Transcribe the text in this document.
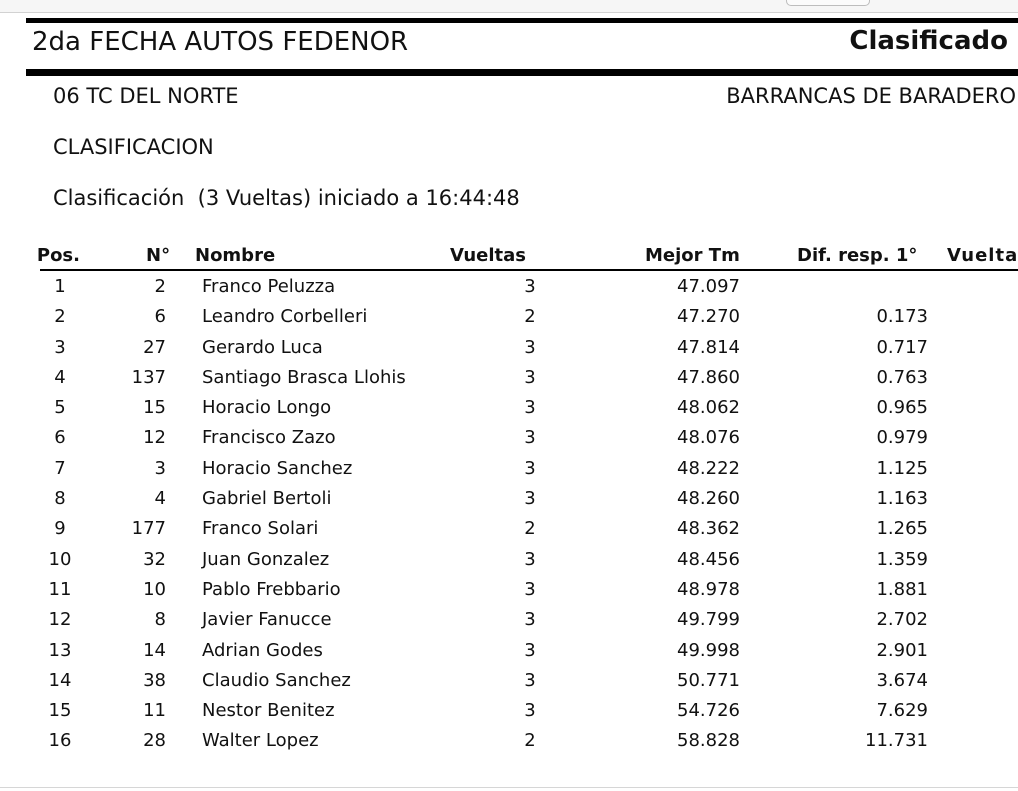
2da FECHA AUTOS FEDENOR	Clasificado
06 TC DEL NORTE	BARRANCAS DE BARADERO
CLASIFICACION
Clasificación  (3 Vueltas) iniciado a 16:44:48
Pos.	N° Nombre	Vueltas	Mejor Tm	Dif. resp. 1° Vuelta
1	2 Franco Peluzza	3	47.097
2	6 Leandro Corbelleri	2	47.270	0.173
3	27 Gerardo Luca	3	47.814	0.717
4	137 Santiago Brasca Llohis	3	47.860	0.763
5	15 Horacio Longo	3	48.062	0.965
6	12 Francisco Zazo	3	48.076	0.979
7	3 Horacio Sanchez	3	48.222	1.125
8	4 Gabriel Bertoli	3	48.260	1.163
9	177 Franco Solari	2	48.362	1.265
10	32 Juan Gonzalez	3	48.456	1.359
11	10 Pablo Frebbario	3	48.978	1.881
12	8 Javier Fanucce	3	49.799	2.702
13	14 Adrian Godes	3	49.998	2.901
14	38 Claudio Sanchez	3	50.771	3.674
15	11 Nestor Benitez	3	54.726	7.629
16	28 Walter Lopez	2	58.828	11.731
